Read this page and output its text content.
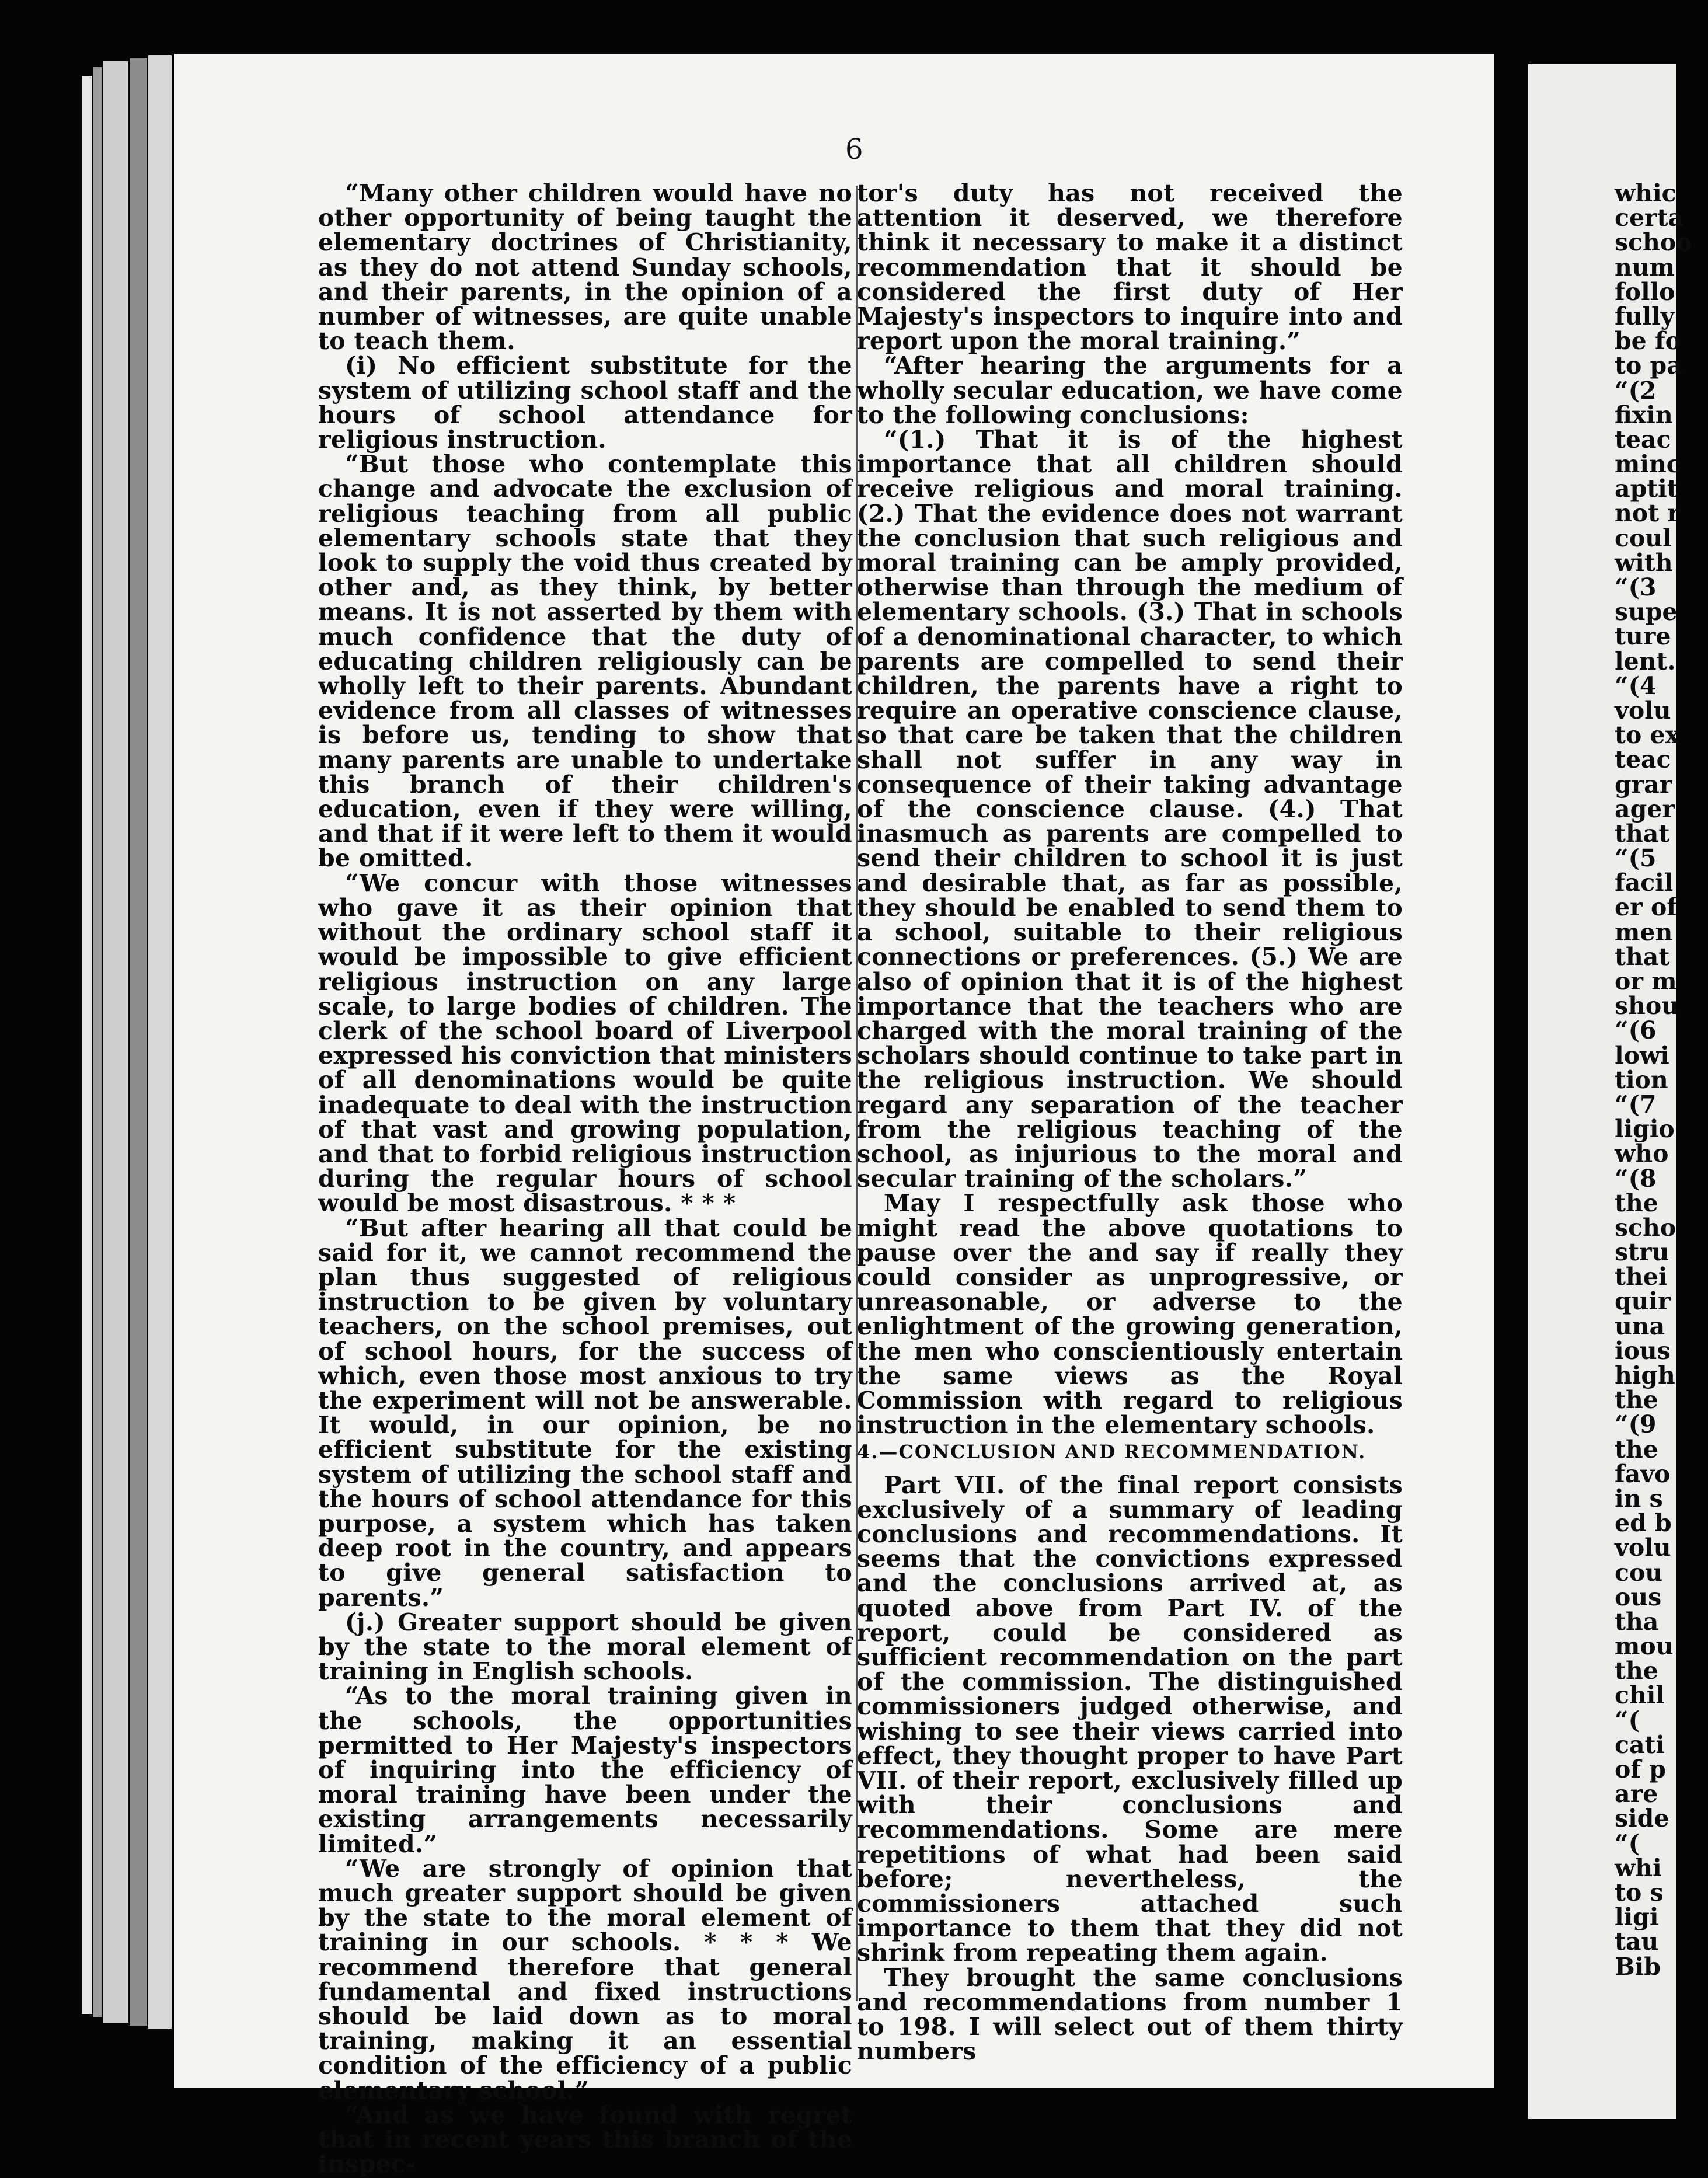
6

“Many other children would have no other opportunity of being taught the elementary doctrines of Christianity, as they do not attend Sunday schools, and their parents, in the opinion of a number of witnesses, are quite unable to teach them.

(i) No efficient substitute for the system of utilizing school staff and the hours of school attendance for religious instruction.

“But those who contemplate this change and advocate the exclusion of religious teaching from all public elementary schools state that they look to supply the void thus created by other and, as they think, by better means. It is not asserted by them with much confidence that the duty of educating children religiously can be wholly left to their parents. Abundant evidence from all classes of witnesses is before us, tending to show that many parents are unable to undertake this branch of their children's education, even if they were willing, and that if it were left to them it would be omitted.

“We concur with those witnesses who gave it as their opinion that without the ordinary school staff it would be impossible to give efficient religious instruction on any large scale, to large bodies of children. The clerk of the school board of Liverpool expressed his conviction that ministers of all denominations would be quite inadequate to deal with the instruction of that vast and growing population, and that to forbid religious instruction during the regular hours of school would be most disastrous. * * *

“But after hearing all that could be said for it, we cannot recommend the plan thus suggested of religious instruction to be given by voluntary teachers, on the school premises, out of school hours, for the success of which, even those most anxious to try the experiment will not be answerable. It would, in our opinion, be no efficient substitute for the existing system of utilizing the school staff and the hours of school attendance for this purpose, a system which has taken deep root in the country, and appears to give general satisfaction to parents.”

(j.) Greater support should be given by the state to the moral element of training in English schools.

“As to the moral training given in the schools, the opportunities permitted to Her Majesty's inspectors of inquiring into the efficiency of moral training have been under the existing arrangements necessarily limited.”

“We are strongly of opinion that much greater support should be given by the state to the moral element of training in our schools. * * * We recommend therefore that general fundamental and fixed instructions should be laid down as to moral training, making it an essential condition of the efficiency of a public elementary school.”

“And as we have found with regret that in recent years this branch of the inspec-

tor's duty has not received the attention it deserved, we therefore think it necessary to make it a distinct recommendation that it should be considered the first duty of Her Majesty's inspectors to inquire into and report upon the moral training.”

“After hearing the arguments for a wholly secular education, we have come to the following conclusions:

“(1.) That it is of the highest importance that all children should receive religious and moral training. (2.) That the evidence does not warrant the conclusion that such religious and moral training can be amply provided, otherwise than through the medium of elementary schools. (3.) That in schools of a denominational character, to which parents are compelled to send their children, the parents have a right to require an operative conscience clause, so that care be taken that the children shall not suffer in any way in consequence of their taking advantage of the conscience clause. (4.) That inasmuch as parents are compelled to send their children to school it is just and desirable that, as far as possible, they should be enabled to send them to a school, suitable to their religious connections or preferences. (5.) We are also of opinion that it is of the highest importance that the teachers who are charged with the moral training of the scholars should continue to take part in the religious instruction. We should regard any separation of the teacher from the religious teaching of the school, as injurious to the moral and secular training of the scholars.”

May I respectfully ask those who might read the above quotations to pause over the and say if really they could consider as unprogressive, or unreasonable, or adverse to the enlightment of the growing generation, the men who conscientiously entertain the same views as the Royal Commission with regard to religious instruction in the elementary schools.

4.—CONCLUSION AND RECOMMENDATION.

Part VII. of the final report consists exclusively of a summary of leading conclusions and recommendations. It seems that the convictions expressed and the conclusions arrived at, as quoted above from Part IV. of the report, could be considered as sufficient recommendation on the part of the commission. The distinguished commissioners judged otherwise, and wishing to see their views carried into effect, they thought proper to have Part VII. of their report, exclusively filled up with their conclusions and recommendations. Some are mere repetitions of what had been said before; nevertheless, the commissioners attached such importance to them that they did not shrink from repeating them again.

They brought the same conclusions and recommendations from number 1 to 198. I will select out of them thirty numbers

whic
certa
schoo
num
follo
fully
be fo
to pa
“(2
fixin
teac
minc
aptit
not r
coul
with
“(3
supe
ture
lent.
“(4
volu
to ex
teac
grar
ager
that
“(5
facil
er of
men
that
or m
shou
“(6
lowi
tion
“(7
ligio
who
“(8
the
scho
stru
thei
quir
una
ious
high
the
“(9
the
favo
in s
ed b
volu
cou
ous
tha
mou
the
chil
“(
cati
of p
are
side
“(
whi
to s
ligi
tau
Bib
